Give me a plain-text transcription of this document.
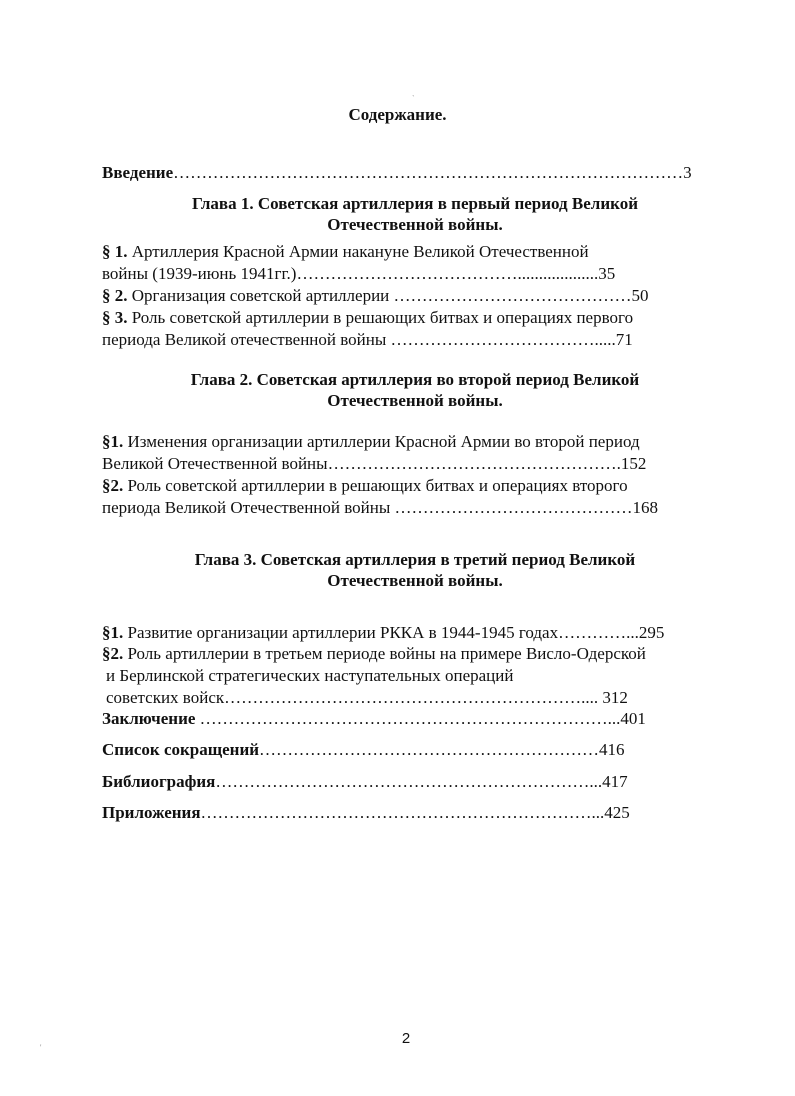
`
'
Содержание.
Введение………………………………………………………………………………3
Глава 1. Советская артиллерия в первый период Великой
Отечественной войны.
§ 1. Артиллерия Красной Армии накануне Великой Отечественной
войны (1939-июнь 1941гг.)…………………………………...................35
§ 2. Организация советской артиллерии ……………………………………50
§ 3. Роль советской артиллерии в решающих битвах и операциях первого
периода Великой отечественной войны ……………………………….....71
Глава 2. Советская артиллерия во второй период Великой
Отечественной войны.
§1. Изменения организации артиллерии Красной Армии во второй период
Великой Отечественной войны…………………………………………….152
§2. Роль советской артиллерии в решающих битвах и операциях второго
периода Великой Отечественной войны ……………………………………168
Глава 3. Советская артиллерия в третий период Великой
Отечественной войны.
§1. Развитие организации артиллерии РККА в 1944-1945 годах…………...295
§2. Роль артиллерии в третьем периоде войны на примере Висло-Одерской
и Берлинской стратегических наступательных операций
советских войск……………………………………………………….... 312
Заключение ………………………………………………………………...401
Список сокращений……………………………………………………416
Библиография…………………………………………………………...417
Приложения……………………………………………………………...425
2
